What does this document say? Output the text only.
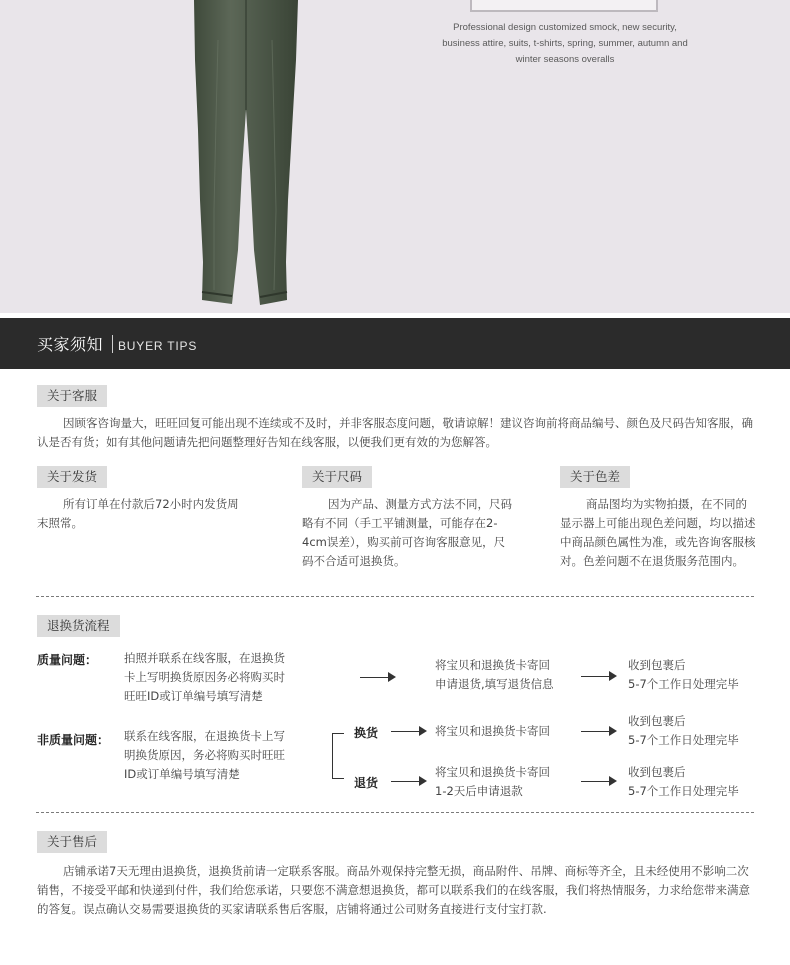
Professional design customized smock, new security,
business attire, suits, t-shirts, spring, summer, autumn and
winter seasons overalls
买家须知 BUYER TIPS
关于客服
因顾客咨询量大，旺旺回复可能出现不连续或不及时，并非客服态度问题，敬请谅解！建议咨询前将商品编号、颜色及尺码告知客服，确认是否有货；如有其他问题请先把问题整理好告知在线客服，以便我们更有效的为您解答。
关于发货
所有订单在付款后72小时内发货周末照常。
关于尺码
因为产品、测量方式方法不同，尺码略有不同（手工平铺测量，可能存在2-4cm误差），购买前可咨询客服意见，尺码不合适可退换货。
关于色差
商品图均为实物拍摄，在不同的显示器上可能出现色差问题，均以描述中商品颜色属性为准，或先咨询客服核对。色差问题不在退货服务范围内。
退换货流程
质量问题： 拍照并联系在线客服，在退换货
卡上写明换货原因务必将购买时
旺旺ID或订单编号填写清楚
将宝贝和退换货卡寄回
申请退货,填写退货信息
收到包裹后
5-7个工作日处理完毕
非质量问题： 联系在线客服，在退换货卡上写
明换货原因，务必将购买时旺旺
ID或订单编号填写清楚
换货	将宝贝和退换货卡寄回
收到包裹后
5-7个工作日处理完毕
退货
将宝贝和退换货卡寄回
1-2天后申请退款
收到包裹后
5-7个工作日处理完毕
关于售后
店铺承诺7天无理由退换货，退换货前请一定联系客服。商品外观保持完整无损，商品附件、吊牌、商标等齐全，且未经使用不影响二次销售，不接受平邮和快递到付件，我们给您承诺，只要您不满意想退换货，都可以联系我们的在线客服，我们将热情服务，力求给您带来满意的答复。误点确认交易需要退换货的买家请联系售后客服，店铺将通过公司财务直接进行支付宝打款.
